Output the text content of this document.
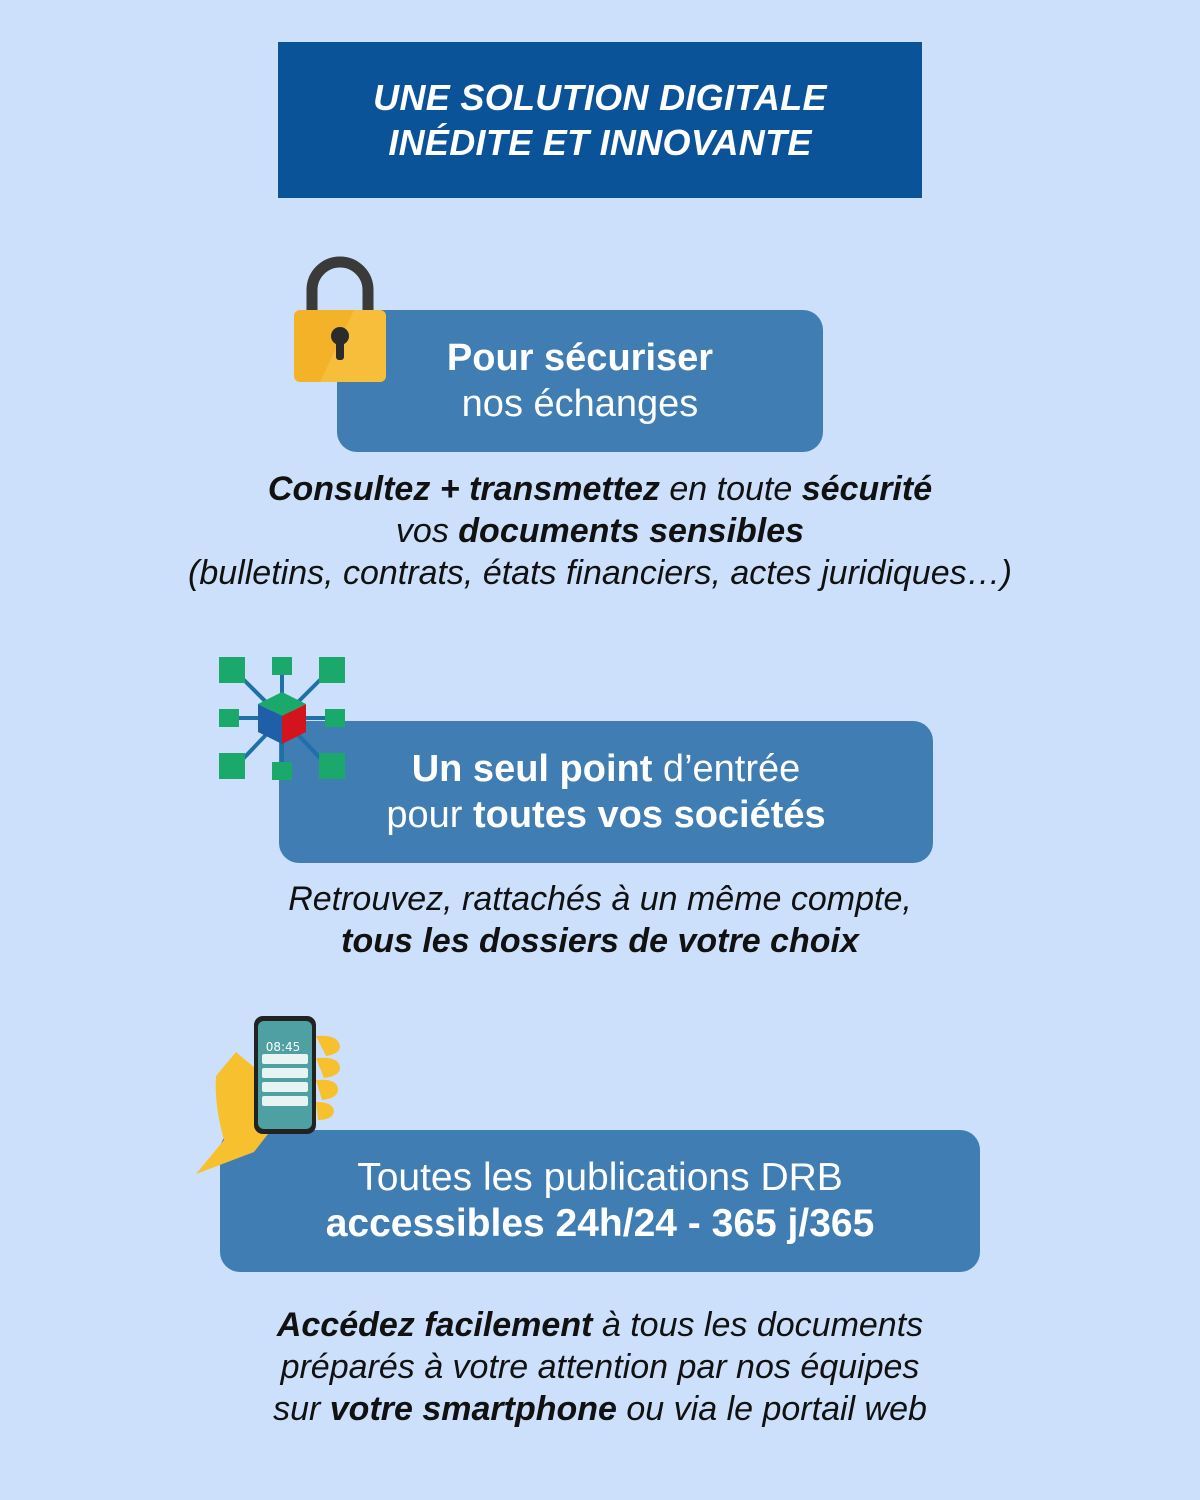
UNE SOLUTION DIGITALE
INÉDITE ET INNOVANTE
Pour sécuriser
nos échanges
Consultez + transmettez en toute sécurité
vos documents sensibles
(bulletins, contrats, états financiers, actes juridiques…)
Un seul point d’entrée
pour toutes vos sociétés
Retrouvez, rattachés à un même compte,
tous les dossiers de votre choix
Toutes les publications DRB
accessibles 24h/24 - 365 j/365
08:45
Accédez facilement à tous les documents
préparés à votre attention par nos équipes
sur votre smartphone ou via le portail web
